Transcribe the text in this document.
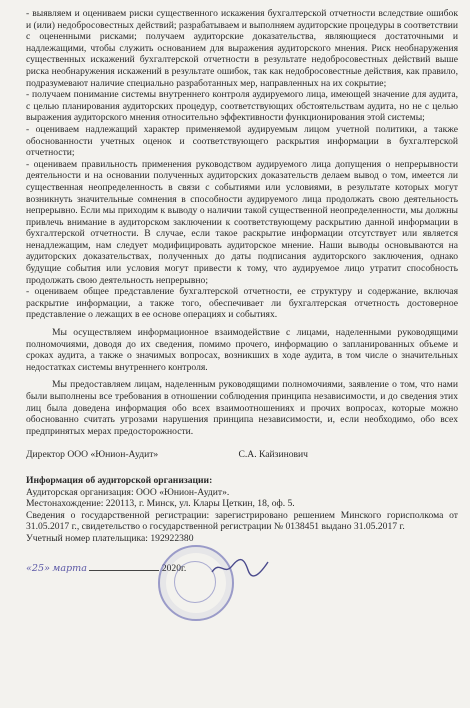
- выявляем и оцениваем риски существенного искажения бухгалтерской отчетности вследствие ошибок и (или) недобросовестных действий; разрабатываем и выполняем аудиторские процедуры в соответствии с оцененными рисками; получаем аудиторские доказательства, являющиеся достаточными и надлежащими, чтобы служить основанием для выражения аудиторского мнения. Риск необнаружения существенных искажений бухгалтерской отчетности в результате недобросовестных действий выше риска необнаружения искажений в результате ошибок, так как недобросовестные действия, как правило, подразумевают наличие специально разработанных мер, направленных на их сокрытие;

- получаем понимание системы внутреннего контроля аудируемого лица, имеющей значение для аудита, с целью планирования аудиторских процедур, соответствующих обстоятельствам аудита, но не с целью выражения аудиторского мнения относительно эффективности функционирования этой системы;

- оцениваем надлежащий характер применяемой аудируемым лицом учетной политики, а также обоснованности учетных оценок и соответствующего раскрытия информации в бухгалтерской отчетности;

- оцениваем правильность применения руководством аудируемого лица допущения о непрерывности деятельности и на основании полученных аудиторских доказательств делаем вывод о том, имеется ли существенная неопределенность в связи с событиями или условиями, в результате которых могут возникнуть значительные сомнения в способности аудируемого лица продолжать свою деятельность непрерывно. Если мы приходим к выводу о наличии такой существенной неопределенности, мы должны привлечь внимание в аудиторском заключении к соответствующему раскрытию данной информации в бухгалтерской отчетности. В случае, если такое раскрытие информации отсутствует или является ненадлежащим, нам следует модифицировать аудиторское мнение. Наши выводы основываются на аудиторских доказательствах, полученных до даты подписания аудиторского заключения, однако будущие события или условия могут привести к тому, что аудируемое лицо утратит способность продолжать свою деятельность непрерывно;

- оцениваем общее представление бухгалтерской отчетности, ее структуру и содержание, включая раскрытие информации, а также того, обеспечивает ли бухгалтерская отчетность достоверное представление о лежащих в ее основе операциях и событиях.

Мы осуществляем информационное взаимодействие с лицами, наделенными руководящими полномочиями, доводя до их сведения, помимо прочего, информацию о запланированных объеме и сроках аудита, а также о значимых вопросах, возникших в ходе аудита, в том числе о значительных недостатках системы внутреннего контроля.

Мы предоставляем лицам, наделенным руководящими полномочиями, заявление о том, что нами были выполнены все требования в отношении соблюдения принципа независимости, и до сведения этих лиц была доведена информация обо всех взаимоотношениях и прочих вопросах, которые можно обоснованно считать угрозами нарушения принципа независимости, и, если необходимо, обо всех предпринятых мерах предосторожности.

Директор ООО «Юнион-Аудит»	С.А. Кайзинович
Информация об аудиторской организации:

Аудиторская организация: ООО «Юнион-Аудит».

Местонахождение: 220113, г. Минск, ул. Клары Цеткин, 18, оф. 5.

Сведения о государственной регистрации: зарегистрировано решением Минского горисполкома от 31.05.2017 г., свидетельство о государственной регистрации № 0138451 выдано 31.05.2017 г.

Учетный номер плательщика: 192922380

«25» марта	2020г.
